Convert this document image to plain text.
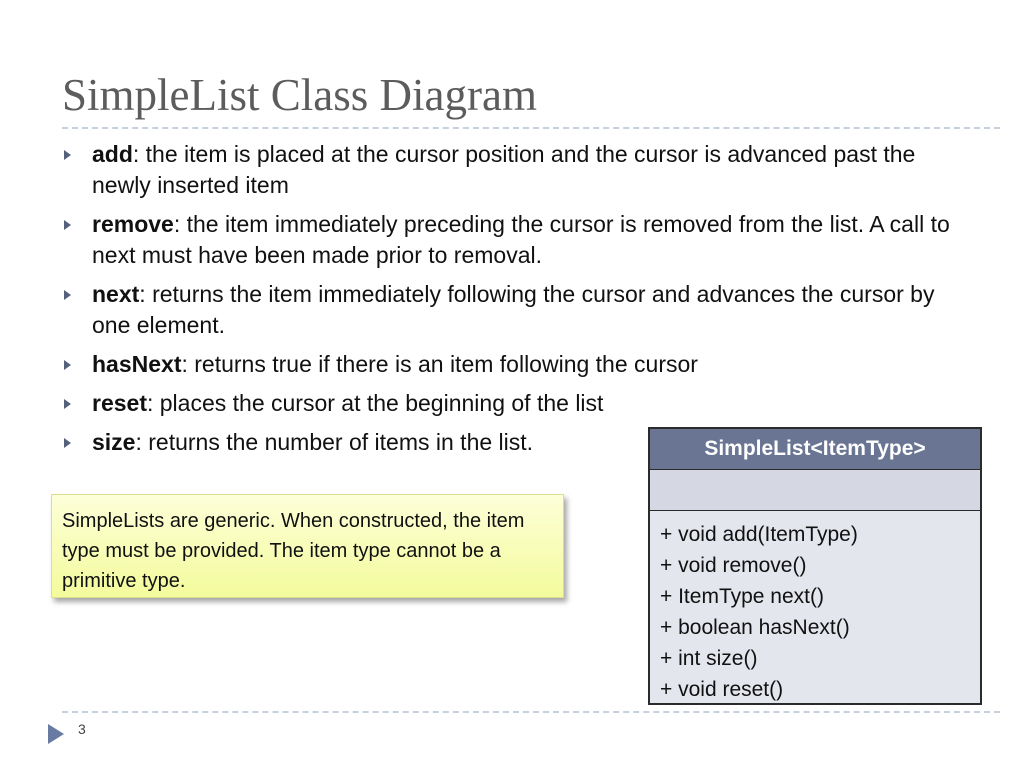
SimpleList Class Diagram
add: the item is placed at the cursor position and the cursor is advanced past the newly inserted item
remove: the item immediately preceding the cursor is removed from the list. A call to next must have been made prior to removal.
next: returns the item immediately following the cursor and advances the cursor by one element.
hasNext: returns true if there is an item following the cursor
reset: places the cursor at the beginning of the list
size: returns the number of items in the list.
SimpleLists are generic. When constructed, the item type must be provided. The item type cannot be a primitive type.
SimpleList<ItemType>
+ void add(ItemType)
+ void remove()
+ ItemType next()
+ boolean hasNext()
+ int size()
+ void reset()
3
